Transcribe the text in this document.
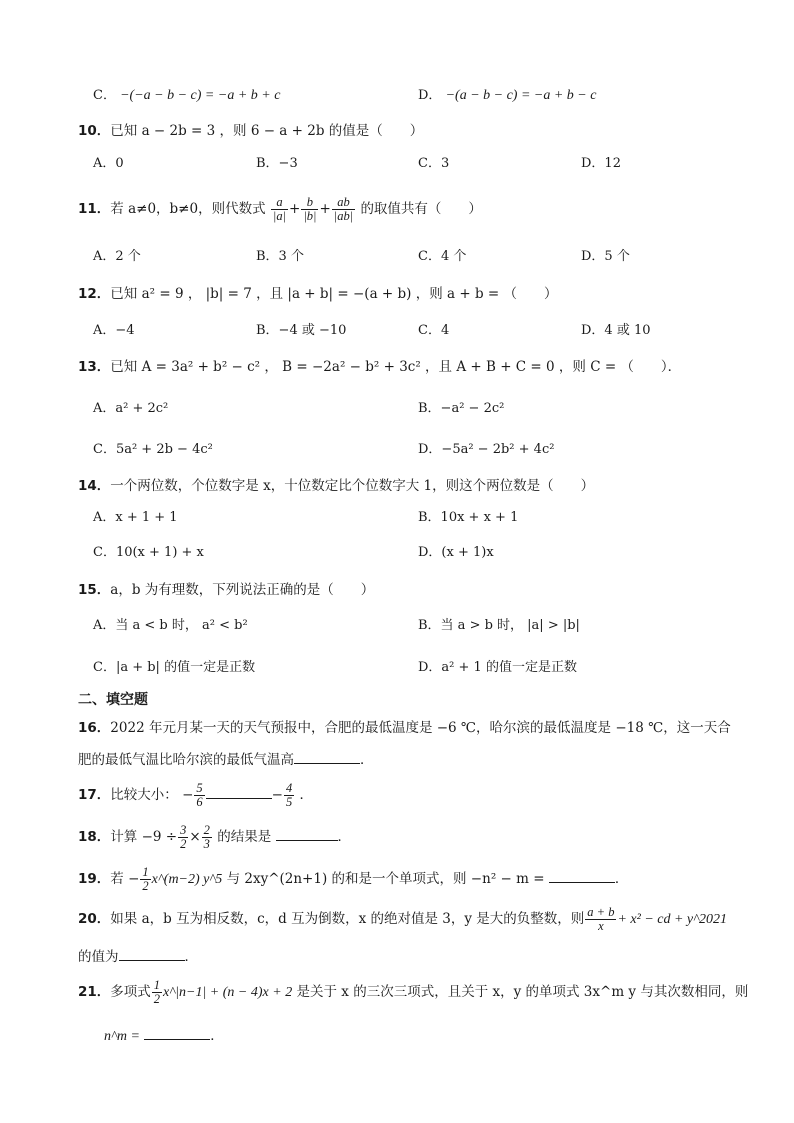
C． −(−a − b − c) = −a + b + c	D． −(a − b − c) = −a + b − c
10．已知 a − 2b = 3 ，则 6 − a + 2b 的值是（　　）
A．0	B．−3	C．3	D．12
11．若 a≠0，b≠0，则代数式 $\frac{a}{|a|} + \frac{b}{|b|} + \frac{ab}{|ab|}$ 的取值共有（　　）
A．2 个	B．3 个	C．4 个	D．5 个
12．已知 a² = 9 ， |b| = 7 ，且 |a + b| = −(a + b) ，则 a + b = （　　）
A．−4	B．−4 或 −10	C．4	D．4 或 10
13．已知 A = 3a² + b² − c² ， B = −2a² − b² + 3c² ，且 A + B + C = 0 ，则 C = （　　）．
A．a² + 2c²	B．−a² − 2c²
C．5a² + 2b − 4c²	D．−5a² − 2b² + 4c²
14．一个两位数，个位数字是 x，十位数定比个位数字大 1，则这个两位数是（　　）
A．x + 1 + 1	B．10x + x + 1
C．10(x + 1) + x	D．(x + 1)x
15．a，b 为有理数，下列说法正确的是（　　）
A．当 a < b 时， a² < b²	B．当 a > b 时， |a| > |b|
C．|a + b| 的值一定是正数	D．a² + 1 的值一定是正数
二、填空题
16．2022 年元月某一天的天气预报中，合肥的最低温度是 −6 ℃，哈尔滨的最低温度是 −18 ℃，这一天合
肥的最低气温比哈尔滨的最低气温高	．
17．比较大小： − $\frac{5}{6}$	− $\frac{4}{5}$ ．
18．计算 $-9 \div \frac{3}{2} \times \frac{2}{3}$ 的结果是	．
19．若 − $\frac{1}{2}$ x^(m−2) y^5 与 2xy^(2n+1) 的和是一个单项式，则 −n² − m =	．
20．如果 a，b 互为相反数，c，d 互为倒数，x 的绝对值是 3，y 是大的负整数，则 $\frac{a + b}{x} + x^2$ − cd + y^2021
的值为	．
21．多项式 $\frac{1}{2}$ x^|n−1| + (n − 4)x + 2 是关于 x 的三次三项式，且关于 x，y 的单项式 3x^m y 与其次数相同，则
n^m =	．
